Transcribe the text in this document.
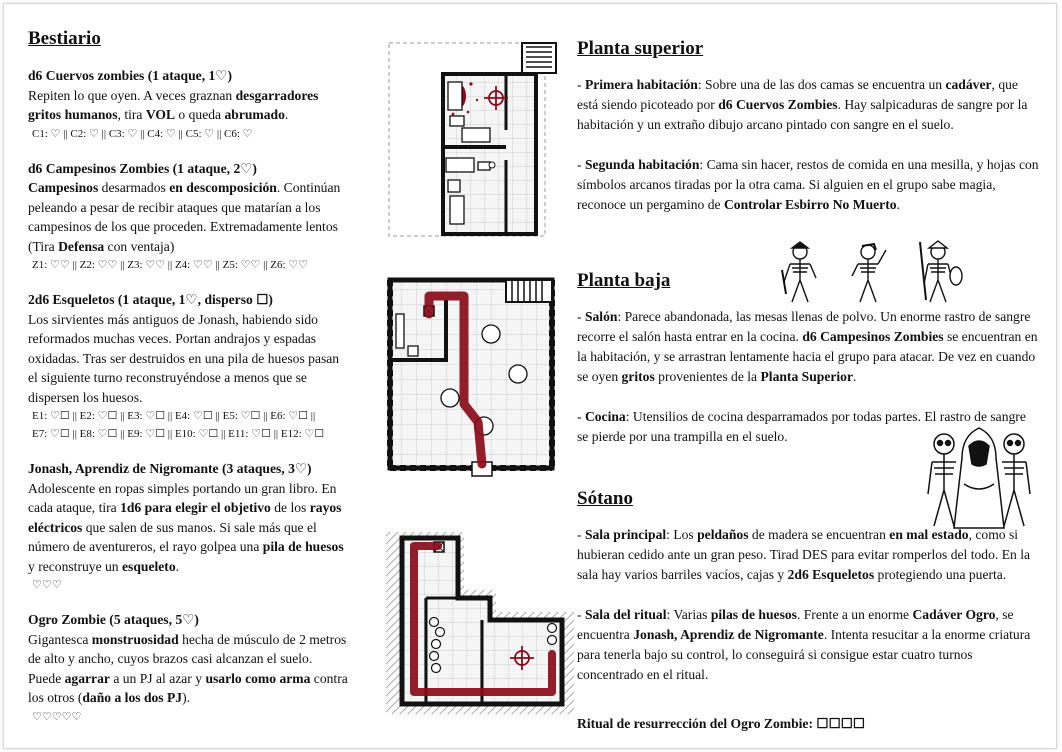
Bestiario
d6 Cuervos zombies (1 ataque, 1♡)
Repiten lo que oyen. A veces graznan desgarradores gritos humanos, tira VOL o queda abrumado.
C1: ♡ || C2: ♡ || C3: ♡ || C4: ♡ || C5: ♡ || C6: ♡
d6 Campesinos Zombies (1 ataque, 2♡)
Campesinos desarmados en descomposición. Continúan peleando a pesar de recibir ataques que matarían a los campesinos de los que proceden. Extremadamente lentos (Tira Defensa con ventaja)
Z1: ♡♡ || Z2: ♡♡ || Z3: ♡♡ || Z4: ♡♡ || Z5: ♡♡ || Z6: ♡♡
2d6 Esqueletos (1 ataque, 1♡, disperso ☐)
Los sirvientes más antiguos de Jonash, habiendo sido reformados muchas veces. Portan andrajos y espadas oxidadas. Tras ser destruidos en una pila de huesos pasan el siguiente turno reconstruyéndose a menos que se dispersen los huesos.
E1: ♡☐ || E2: ♡☐ || E3: ♡☐ || E4: ♡☐ || E5: ♡☐ || E6: ♡☐ ||
E7: ♡☐ || E8: ♡☐ || E9: ♡☐ || E10: ♡☐ || E11: ♡☐ || E12: ♡☐
Jonash, Aprendiz de Nigromante (3 ataques, 3♡)
Adolescente en ropas simples portando un gran libro. En cada ataque, tira 1d6 para elegir el objetivo de los rayos eléctricos que salen de sus manos. Si sale más que el número de aventureros, el rayo golpea una pila de huesos y reconstruye un esqueleto.
♡♡♡
Ogro Zombie (5 ataques, 5♡)
Gigantesca monstruosidad hecha de músculo de 2 metros de alto y ancho, cuyos brazos casi alcanzan el suelo. Puede agarrar a un PJ al azar y usarlo como arma contra los otros (daño a los dos PJ).
♡♡♡♡♡
Planta superior

- Primera habitación: Sobre una de las dos camas se encuentra un cadáver, que está siendo picoteado por d6 Cuervos Zombies. Hay salpicaduras de sangre por la habitación y un extraño dibujo arcano pintado con sangre en el suelo.

- Segunda habitación: Cama sin hacer, restos de comida en una mesilla, y hojas con símbolos arcanos tiradas por la otra cama. Si alguien en el grupo sabe magia, reconoce un pergamino de Controlar Esbirro No Muerto.

Planta baja

- Salón: Parece abandonada, las mesas llenas de polvo. Un enorme rastro de sangre recorre el salón hasta entrar en la cocina. d6 Campesinos Zombies se encuentran en la habitación, y se arrastran lentamente hacia el grupo para atacar. De vez en cuando se oyen gritos provenientes de la Planta Superior.

- Cocina: Utensilios de cocina desparramados por todas partes. El rastro de sangre se pierde por una trampilla en el suelo.

Sótano

- Sala principal: Los peldaños de madera se encuentran en mal estado, como si hubieran cedido ante un gran peso. Tirad DES para evitar romperlos del todo. En la sala hay varios barriles vacíos, cajas y 2d6 Esqueletos protegiendo una puerta.

- Sala del ritual: Varias pilas de huesos. Frente a un enorme Cadáver Ogro, se encuentra Jonash, Aprendiz de Nigromante. Intenta resucitar a la enorme criatura para tenerla bajo su control, lo conseguirá si consigue estar cuatro turnos concentrado en el ritual.

Ritual de resurrección del Ogro Zombie: ☐☐☐☐
